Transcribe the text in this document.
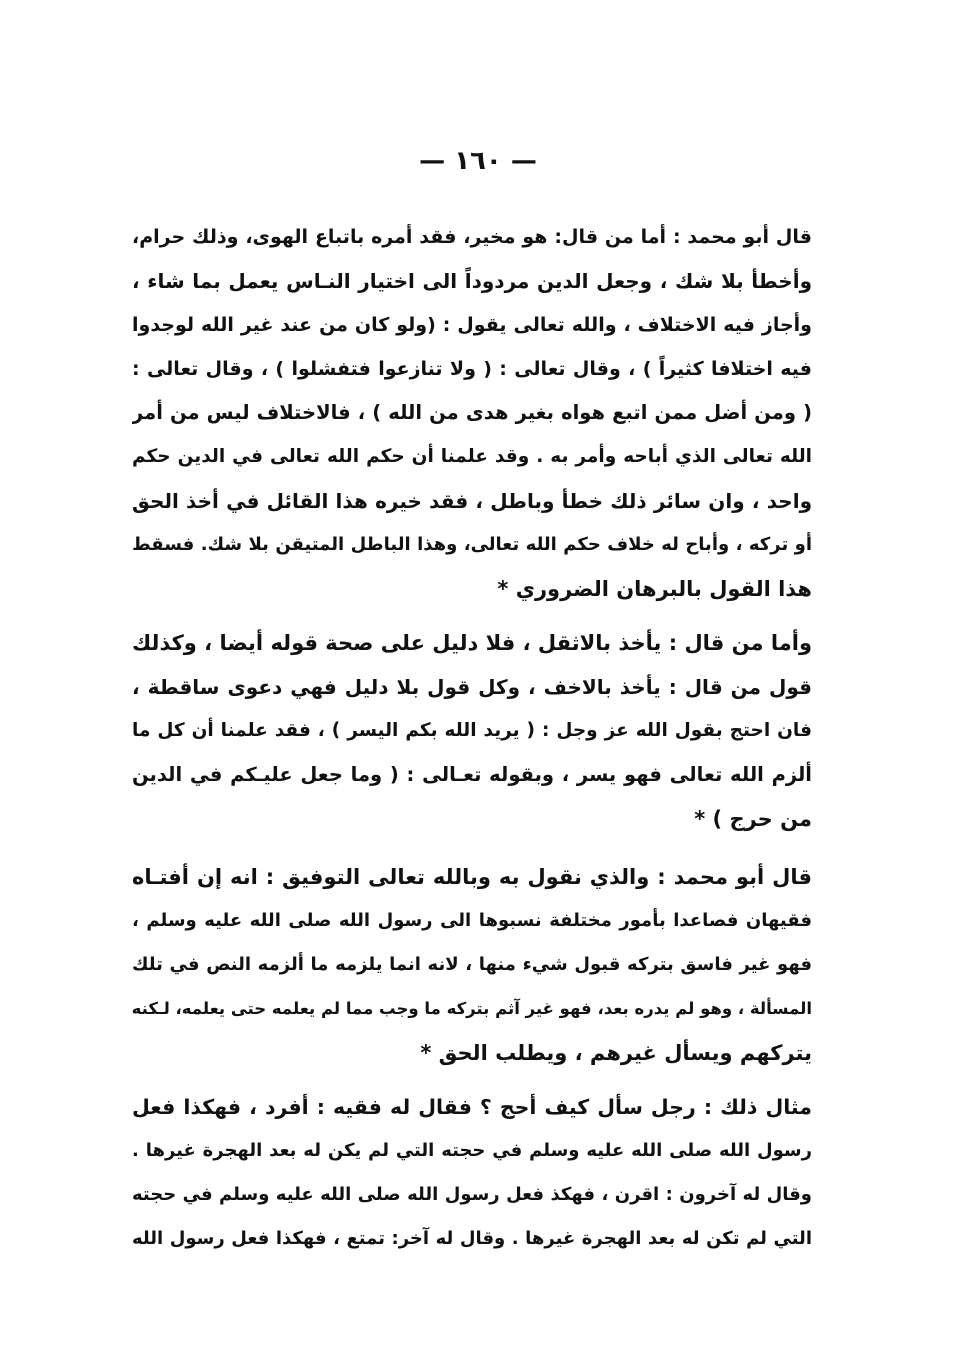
— ١٦٠ —
قال أبو محمد : أما من قال: هو مخير، فقد أمره باتباع الهوى، وذلك حرام،
وأخطأ بلا شك ، وجعل الدين مردوداً الى اختيار النـاس يعمل بما شاء ،
وأجاز فيه الاختلاف ، والله تعالى يقول : (ولو كان من عند غير الله لوجدوا
فيه اختلافا كثيراً ) ، وقال تعالى : ( ولا تنازعوا فتفشلوا ) ، وقال تعالى :
( ومن أضل ممن اتبع هواه بغير هدى من الله ) ، فالاختلاف ليس من أمر
الله تعالى الذي أباحه وأمر به . وقد علمنا أن حكم الله تعالى في الدين حكم
واحد ، وان سائر ذلك خطأ وباطل ، فقد خيره هذا القائل في أخذ الحق
أو تركه ، وأباح له خلاف حكم الله تعالى، وهذا الباطل المتيقن بلا شك. فسقط
هذا القول بالبرهان الضروري *
وأما من قال : يأخذ بالاثقل ، فلا دليل على صحة قوله أيضا ، وكذلك
قول من قال : يأخذ بالاخف ، وكل قول بلا دليل فهي دعوى ساقطة ،
فان احتج بقول الله عز وجل : ( يريد الله بكم اليسر ) ، فقد علمنا أن كل ما
ألزم الله تعالى فهو يسر ، وبقوله تعـالى : ( وما جعل عليـكم في الدين
من حرج ) *
قال أبو محمد : والذي نقول به وبالله تعالى التوفيق : انه إن أفتـاه
فقيهان فصاعدا بأمور مختلفة نسبوها الى رسول الله صلى الله عليه وسلم ،
فهو غير فاسق بتركه قبول شيء منها ، لانه انما يلزمه ما ألزمه النص في تلك
المسألة ، وهو لم يدره بعد، فهو غير آثم بتركه ما وجب مما لم يعلمه حتى يعلمه، لـكنه
يتركهم ويسأل غيرهم ، ويطلب الحق *
مثال ذلك : رجل سأل كيف أحج ؟ فقال له فقيه : أفرد ، فهكذا فعل
رسول الله صلى الله عليه وسلم في حجته التي لم يكن له بعد الهجرة غيرها .
وقال له آخرون : اقرن ، فهكذ فعل رسول الله صلى الله عليه وسلم في حجته
التي لم تكن له بعد الهجرة غيرها . وقال له آخر: تمتع ، فهكذا فعل رسول الله
